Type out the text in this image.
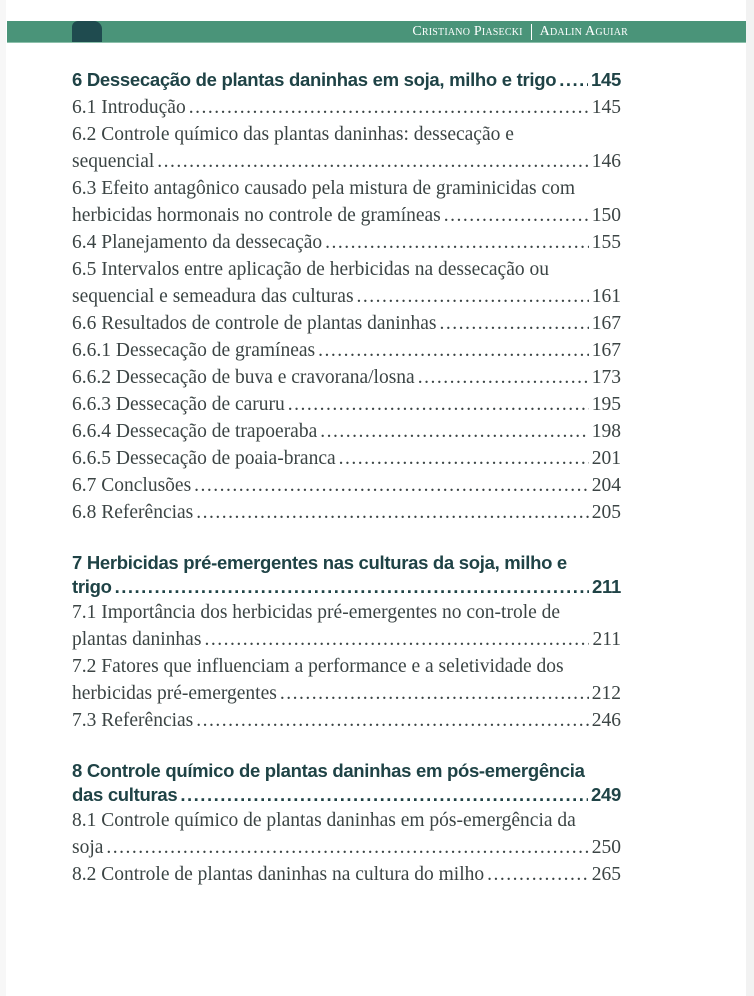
Cristiano Piasecki Adalin Aguiar
6 Dessecação de plantas daninhas em soja, milho e trigo ..... 145
6.1 Introdução .....	145
6.2 Controle químico das plantas daninhas: dessecação e
sequencial .....	146
6.3 Efeito antagônico causado pela mistura de graminicidas com
herbicidas hormonais no controle de gramíneas .....	150
6.4 Planejamento da dessecação .....	155
6.5 Intervalos entre aplicação de herbicidas na dessecação ou
sequencial e semeadura das culturas .....	161
6.6 Resultados de controle de plantas daninhas .....	167
6.6.1 Dessecação de gramíneas .....	167
6.6.2 Dessecação de buva e cravorana/losna .....	173
6.6.3 Dessecação de caruru .....	195
6.6.4 Dessecação de trapoeraba .....	198
6.6.5 Dessecação de poaia-branca .....	201
6.7 Conclusões .....	204
6.8 Referências .....	205
7 Herbicidas pré-emergentes nas culturas da soja, milho e
trigo .....	211
7.1 Importância dos herbicidas pré-emergentes no con-trole de
plantas daninhas .....	211
7.2 Fatores que influenciam a performance e a seletividade dos
herbicidas pré-emergentes .....	212
7.3 Referências .....	246
8 Controle químico de plantas daninhas em pós-emergência
das culturas .....	249
8.1 Controle químico de plantas daninhas em pós-emergência da
soja .....	250
8.2 Controle de plantas daninhas na cultura do milho .....	265
